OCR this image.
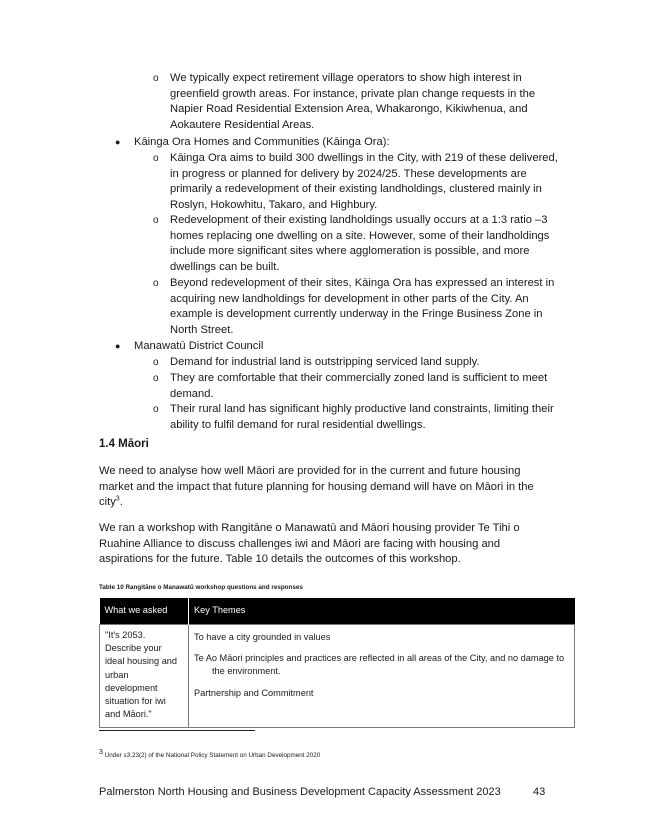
o We typically expect retirement village operators to show high interest in greenfield growth areas. For instance, private plan change requests in the Napier Road Residential Extension Area, Whakarongo, Kikiwhenua, and Aokautere Residential Areas.
● Kāinga Ora Homes and Communities (Kāinga Ora):
o Kāinga Ora aims to build 300 dwellings in the City, with 219 of these delivered, in progress or planned for delivery by 2024/25. These developments are primarily a redevelopment of their existing landholdings, clustered mainly in Roslyn, Hokowhitu, Takaro, and Highbury.
o Redevelopment of their existing landholdings usually occurs at a 1:3 ratio –3 homes replacing one dwelling on a site. However, some of their landholdings include more significant sites where agglomeration is possible, and more dwellings can be built.
o Beyond redevelopment of their sites, Kāinga Ora has expressed an interest in acquiring new landholdings for development in other parts of the City. An example is development currently underway in the Fringe Business Zone in North Street.
● Manawatū District Council
o Demand for industrial land is outstripping serviced land supply.
o They are comfortable that their commercially zoned land is sufficient to meet demand.
o Their rural land has significant highly productive land constraints, limiting their ability to fulfil demand for rural residential dwellings.
1.4 Māori
We need to analyse how well Māori are provided for in the current and future housing market and the impact that future planning for housing demand will have on Māori in the city$^3$.
We ran a workshop with Rangitāne o Manawatū and Māori housing provider Te Tihi o Ruahine Alliance to discuss challenges iwi and Māori are facing with housing and aspirations for the future. Table 10 details the outcomes of this workshop.
Table 10 Rangitāne o Manawatū workshop questions and responses
What we asked	Key Themes
"It's 2053. Describe your ideal housing and urban development situation for iwi and Māori."	To have a city grounded in values
Te Ao Māori principles and practices are reflected in all areas of the City, and no damage to the environment.
Partnership and Commitment
$^3$ Under s3.23(2) of the National Policy Statement on Urban Development 2020
Palmerston North Housing and Business Development Capacity Assessment 2023	43
